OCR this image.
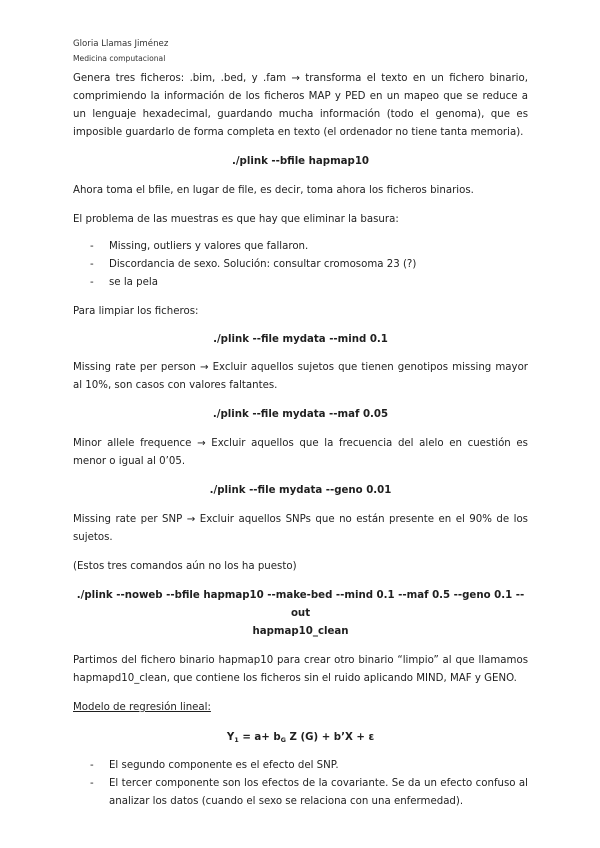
Gloria Llamas Jiménez
Medicina computacional

Genera tres ficheros: .bim, .bed, y .fam → transforma el texto en un fichero binario, comprimiendo la información de los ficheros MAP y PED en un mapeo que se reduce a un lenguaje hexadecimal, guardando mucha información (todo el genoma), que es imposible guardarlo de forma completa en texto (el ordenador no tiene tanta memoria).

./plink --bfile hapmap10

Ahora toma el bfile, en lugar de file, es decir, toma ahora los ficheros binarios.

El problema de las muestras es que hay que eliminar la basura:

- Missing, outliers y valores que fallaron.
- Discordancia de sexo. Solución: consultar cromosoma 23 (?)
- se la pela

Para limpiar los ficheros:

./plink --file mydata --mind 0.1

Missing rate per person → Excluir aquellos sujetos que tienen genotipos missing mayor al 10%, son casos con valores faltantes.

./plink --file mydata --maf 0.05

Minor allele frequence → Excluir aquellos que la frecuencia del alelo en cuestión es menor o igual al 0’05.

./plink --file mydata --geno 0.01

Missing rate per SNP → Excluir aquellos SNPs que no están presente en el 90% de los sujetos.

(Estos tres comandos aún no los ha puesto)

./plink --noweb --bfile hapmap10 --make-bed --mind 0.1 --maf 0.5 --geno 0.1 --out

hapmap10_clean

Partimos del fichero binario hapmap10 para crear otro binario “limpio” al que llamamos hapmapd10_clean, que contiene los ficheros sin el ruido aplicando MIND, MAF y GENO.

Modelo de regresión lineal:

$Y_1 = a+ b_G$ Z (G) + b’X + ε

- El segundo componente es el efecto del SNP.
- El tercer componente son los efectos de la covariante. Se da un efecto confuso al analizar los datos (cuando el sexo se relaciona con una enfermedad).
